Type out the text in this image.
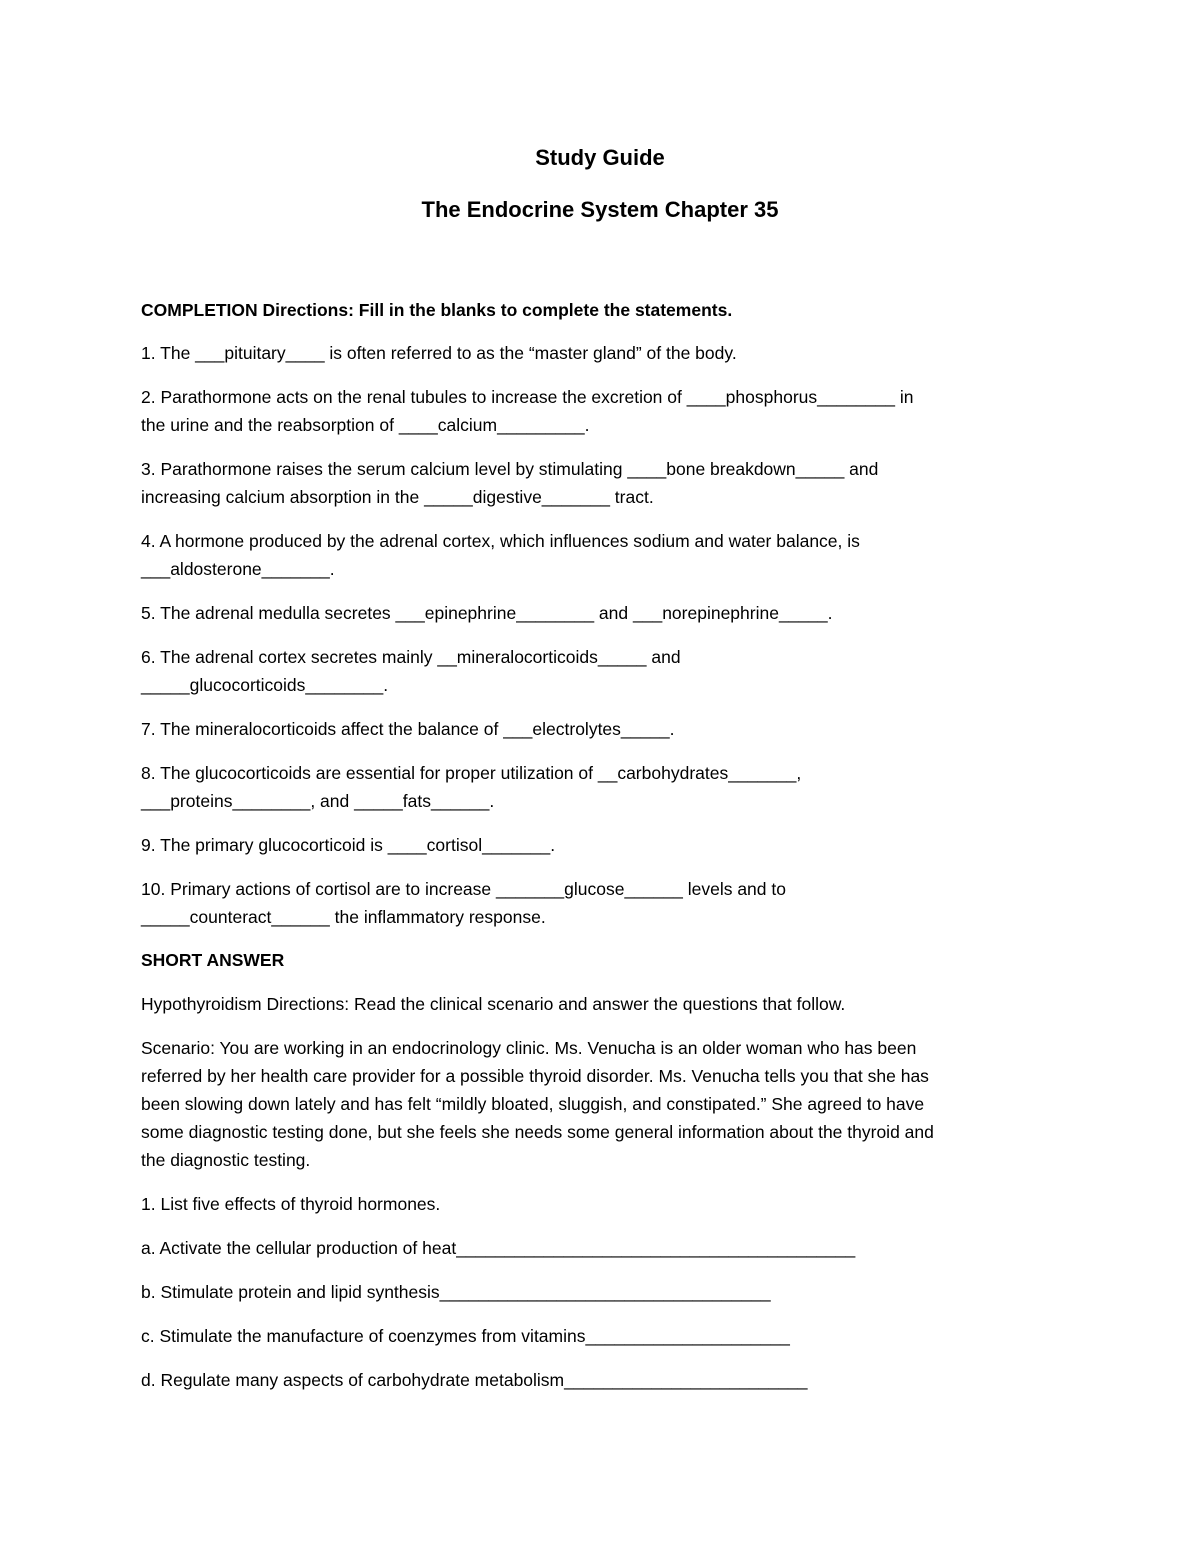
Study Guide
The Endocrine System Chapter 35

COMPLETION Directions: Fill in the blanks to complete the statements.

1. The ___pituitary____ is often referred to as the “master gland” of the body.

2. Parathormone acts on the renal tubules to increase the excretion of ____phosphorus________ in

the urine and the reabsorption of ____calcium_________.

3. Parathormone raises the serum calcium level by stimulating ____bone breakdown_____ and

increasing calcium absorption in the _____digestive_______ tract.

4. A hormone produced by the adrenal cortex, which influences sodium and water balance, is

___aldosterone_______.

5. The adrenal medulla secretes ___epinephrine________ and ___norepinephrine_____.

6. The adrenal cortex secretes mainly __mineralocorticoids_____ and

_____glucocorticoids________.

7. The mineralocorticoids affect the balance of ___electrolytes_____.

8. The glucocorticoids are essential for proper utilization of __carbohydrates_______,

___proteins________, and _____fats______.

9. The primary glucocorticoid is ____cortisol_______.

10. Primary actions of cortisol are to increase _______glucose______ levels and to

_____counteract______ the inflammatory response.

SHORT ANSWER

Hypothyroidism Directions: Read the clinical scenario and answer the questions that follow.

Scenario: You are working in an endocrinology clinic. Ms. Venucha is an older woman who has been

referred by her health care provider for a possible thyroid disorder. Ms. Venucha tells you that she has

been slowing down lately and has felt “mildly bloated, sluggish, and constipated.” She agreed to have

some diagnostic testing done, but she feels she needs some general information about the thyroid and

the diagnostic testing.

1. List five effects of thyroid hormones.

a. Activate the cellular production of heat_________________________________________

b. Stimulate protein and lipid synthesis__________________________________

c. Stimulate the manufacture of coenzymes from vitamins_____________________

d. Regulate many aspects of carbohydrate metabolism_________________________
